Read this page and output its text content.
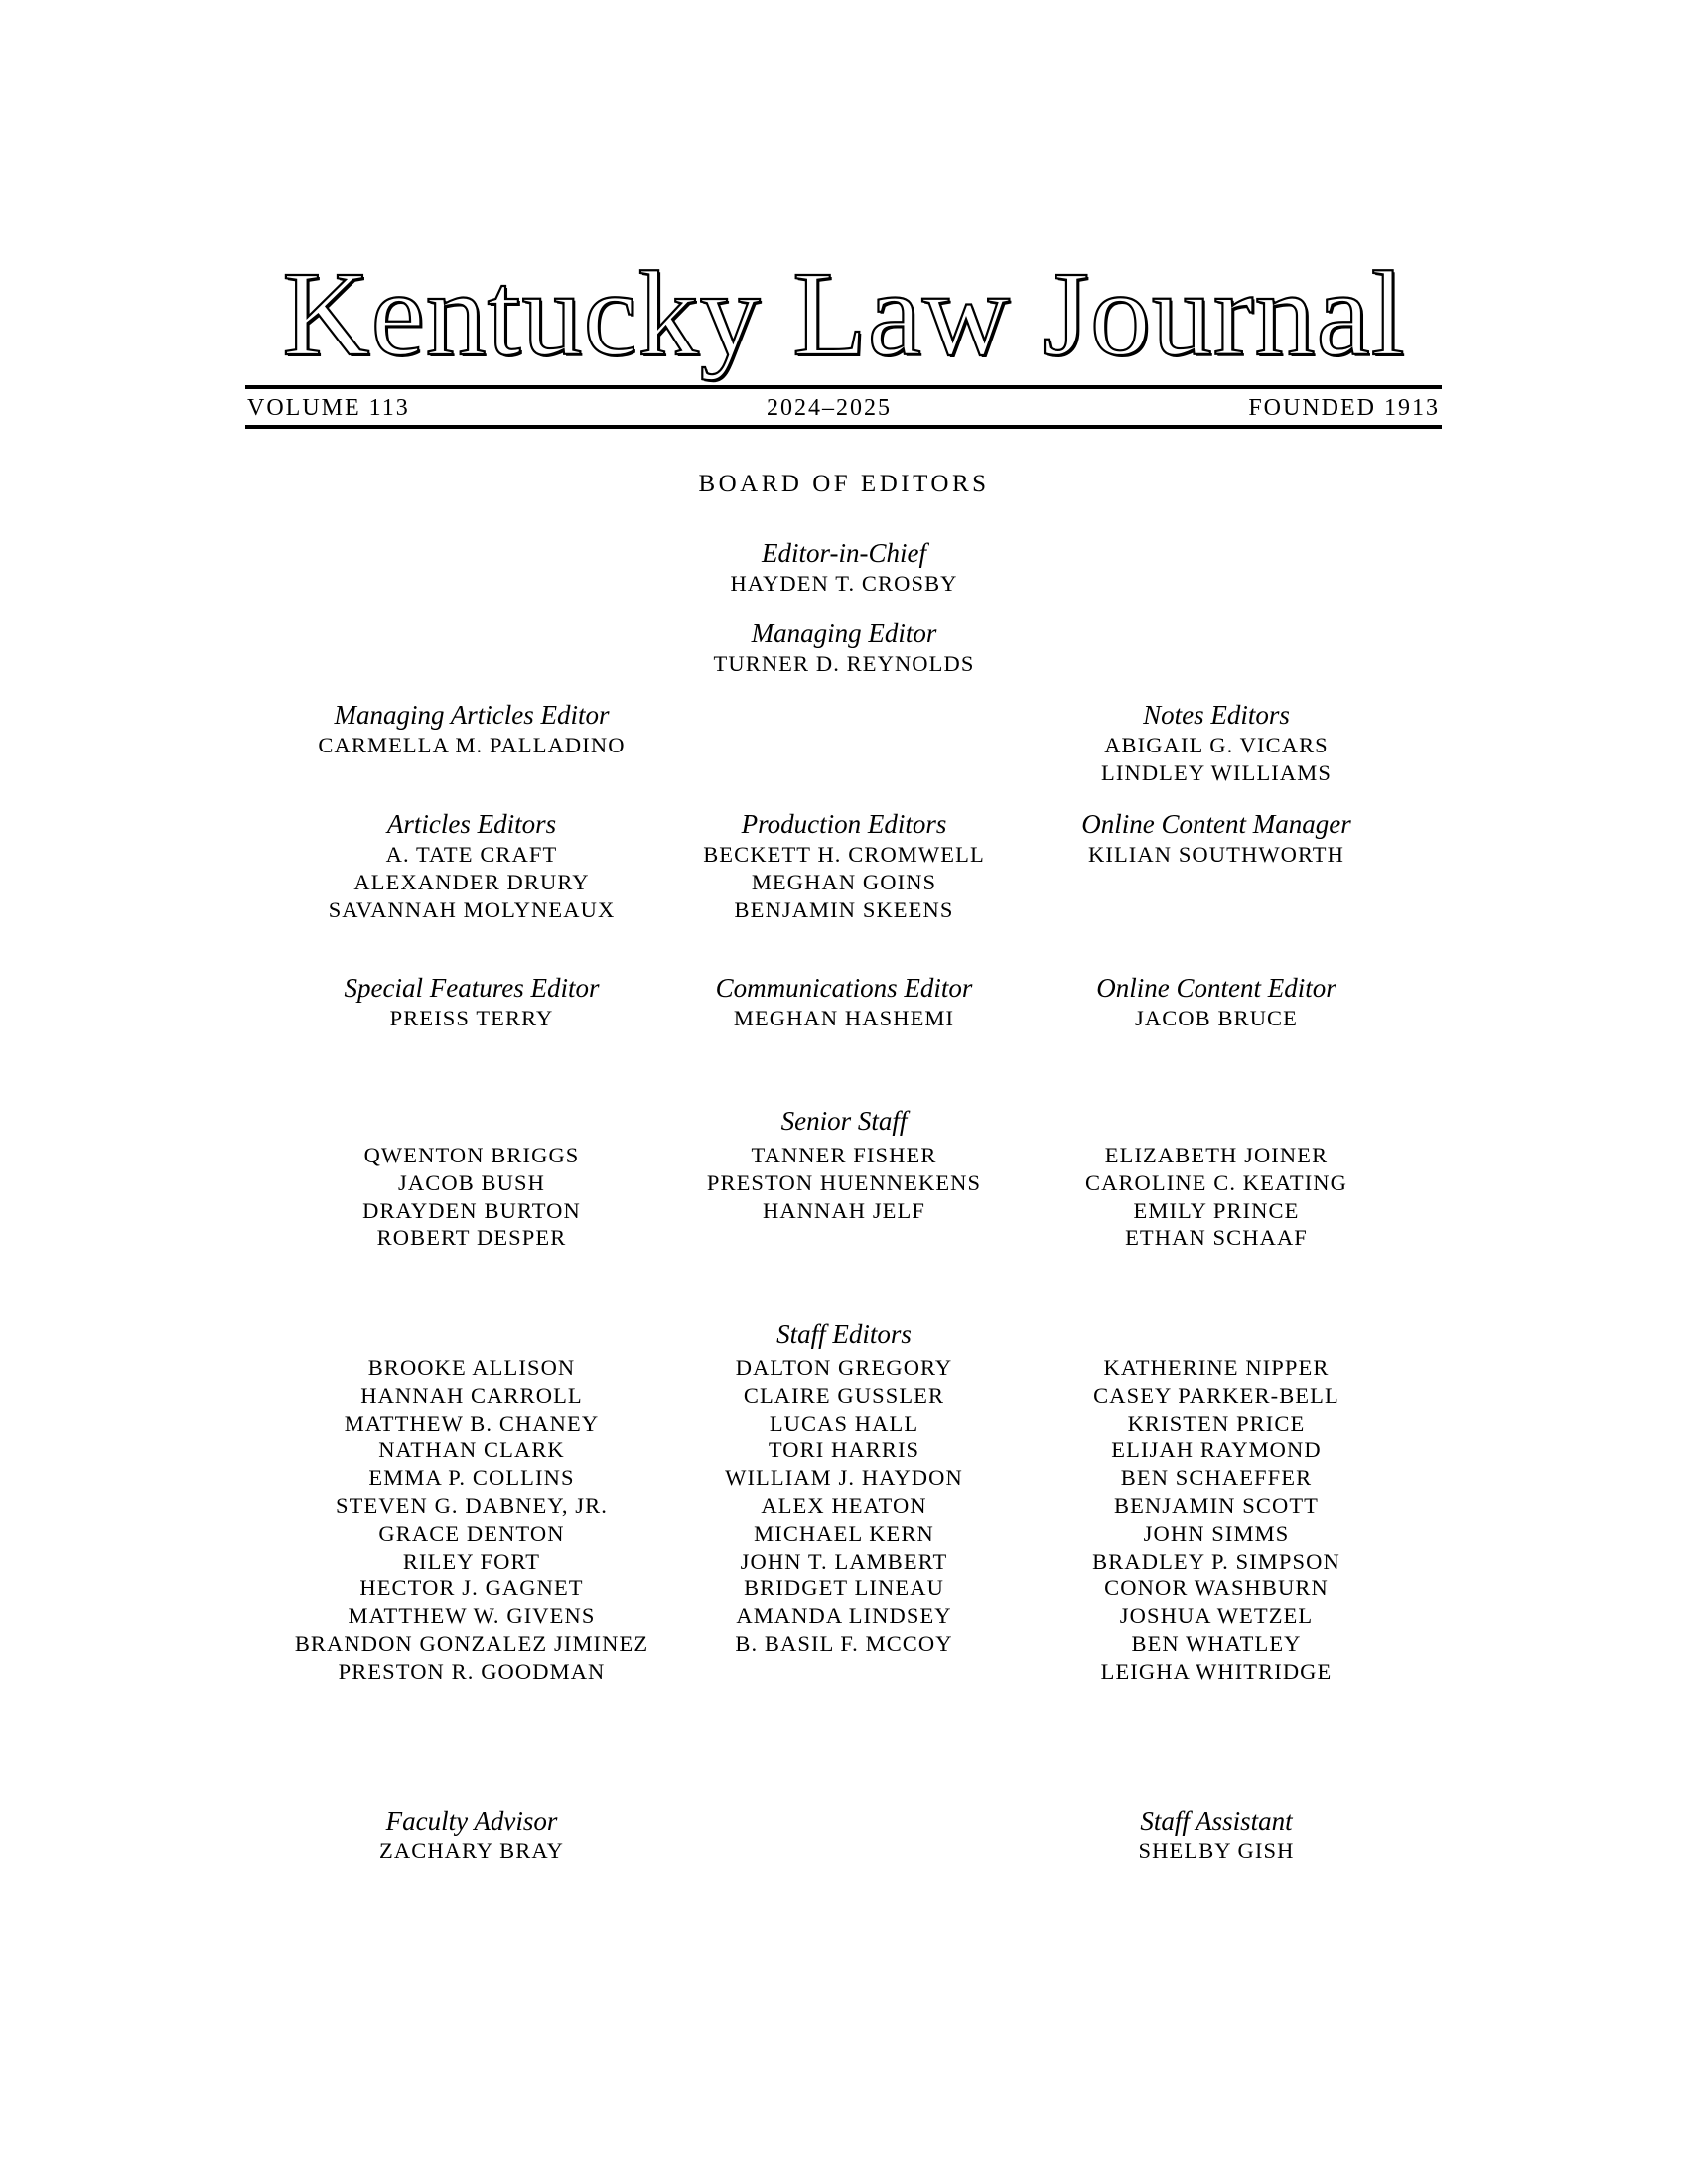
Kentucky Law Journal
VOLUME 113	2024–2025	FOUNDED 1913
BOARD OF EDITORS
Editor-in-Chief
HAYDEN T. CROSBY
Managing Editor
TURNER D. REYNOLDS
Managing Articles Editor
CARMELLA M. PALLADINO
Notes Editors
ABIGAIL G. VICARS
LINDLEY WILLIAMS
Articles Editors
A. TATE CRAFT
ALEXANDER DRURY
SAVANNAH MOLYNEAUX
Production Editors
BECKETT H. CROMWELL
MEGHAN GOINS
BENJAMIN SKEENS
Online Content Manager
KILIAN SOUTHWORTH
Special Features Editor
PREISS TERRY
Communications Editor
MEGHAN HASHEMI
Online Content Editor
JACOB BRUCE
Senior Staff
QWENTON BRIGGS
JACOB BUSH
DRAYDEN BURTON
ROBERT DESPER
TANNER FISHER
PRESTON HUENNEKENS
HANNAH JELF
ELIZABETH JOINER
CAROLINE C. KEATING
EMILY PRINCE
ETHAN SCHAAF
Staff Editors
BROOKE ALLISON
HANNAH CARROLL
MATTHEW B. CHANEY
NATHAN CLARK
EMMA P. COLLINS
STEVEN G. DABNEY, JR.
GRACE DENTON
RILEY FORT
HECTOR J. GAGNET
MATTHEW W. GIVENS
BRANDON GONZALEZ JIMINEZ
PRESTON R. GOODMAN
DALTON GREGORY
CLAIRE GUSSLER
LUCAS HALL
TORI HARRIS
WILLIAM J. HAYDON
ALEX HEATON
MICHAEL KERN
JOHN T. LAMBERT
BRIDGET LINEAU
AMANDA LINDSEY
B. BASIL F. MCCOY
KATHERINE NIPPER
CASEY PARKER-BELL
KRISTEN PRICE
ELIJAH RAYMOND
BEN SCHAEFFER
BENJAMIN SCOTT
JOHN SIMMS
BRADLEY P. SIMPSON
CONOR WASHBURN
JOSHUA WETZEL
BEN WHATLEY
LEIGHA WHITRIDGE
Faculty Advisor
ZACHARY BRAY
Staff Assistant
SHELBY GISH
